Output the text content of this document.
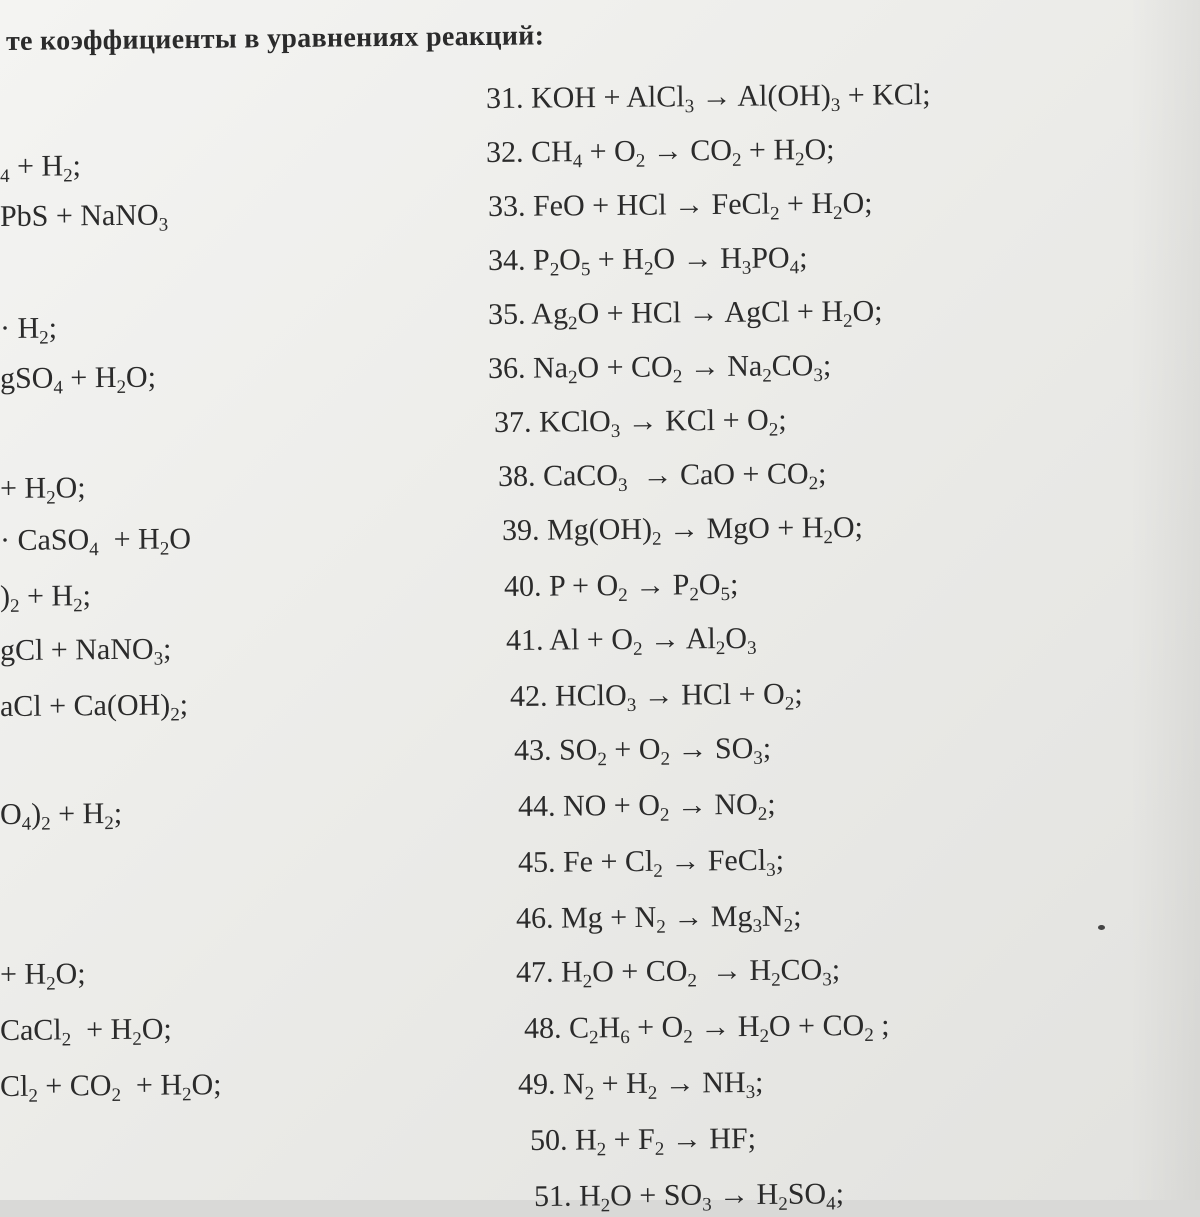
те коэффициенты в уравнениях реакций:
$_4 + H_2$;
PbS + NaNO$_3$
· $H_2$;
$gSO_4 + H_2O$;
+ $H_2O$;
· CaSO$_4$  + $H_2O$
)$_2 + H_2$;
gCl + NaNO$_3$;
aCl + $Ca(OH)_2$;
$O_4)_2 + H_2$;
+ $H_2O$;
CaCl$_2$  + $H_2O$;
$Cl_2 + CO_2 + H_2O$;
31. KOH + AlCl$_3$ → $Al(OH)_3$ + KCl;
32. $CH_4 + O_2 \to CO_2 + H_2O$;
33. FeO + HCl → FeCl$_2$ + $H_2O$;
34. $P_2O_5 + H_2O \to H_3PO_4$;
35. $Ag_2O$ + HCl → AgCl + $H_2O$;
36. $Na_2O + CO_2 \to Na_2CO_3$;
37. KClO$_3$ → KCl + $O_2$;
38. CaCO$_3$  → CaO + $CO_2$;
39. $Mg(OH)_2$ → MgO + $H_2O$;
40. $P + O_2 \to P_2O_5$;
41. $Al + O_2 \to Al_2O_3$
42. HClO$_3$ → HCl + $O_2$;
43. $SO_2 + O_2 \to SO_3$;
44. NO + $O_2 \to NO_2$;
45. $Fe + Cl_2$ → FeCl$_3$;
46. $Mg + N_2 \to Mg_3N_2$;
47. $H_2O + CO_2 \to H_2CO_3$;
48. $C_2H_6 + O_2 \to H_2O + CO_2$ ;
49. $N_2 + H_2 \to NH_3$;
50. $H_2 + F_2$ → HF;
51. $H_2O + SO_3 \to H_2SO_4$;
